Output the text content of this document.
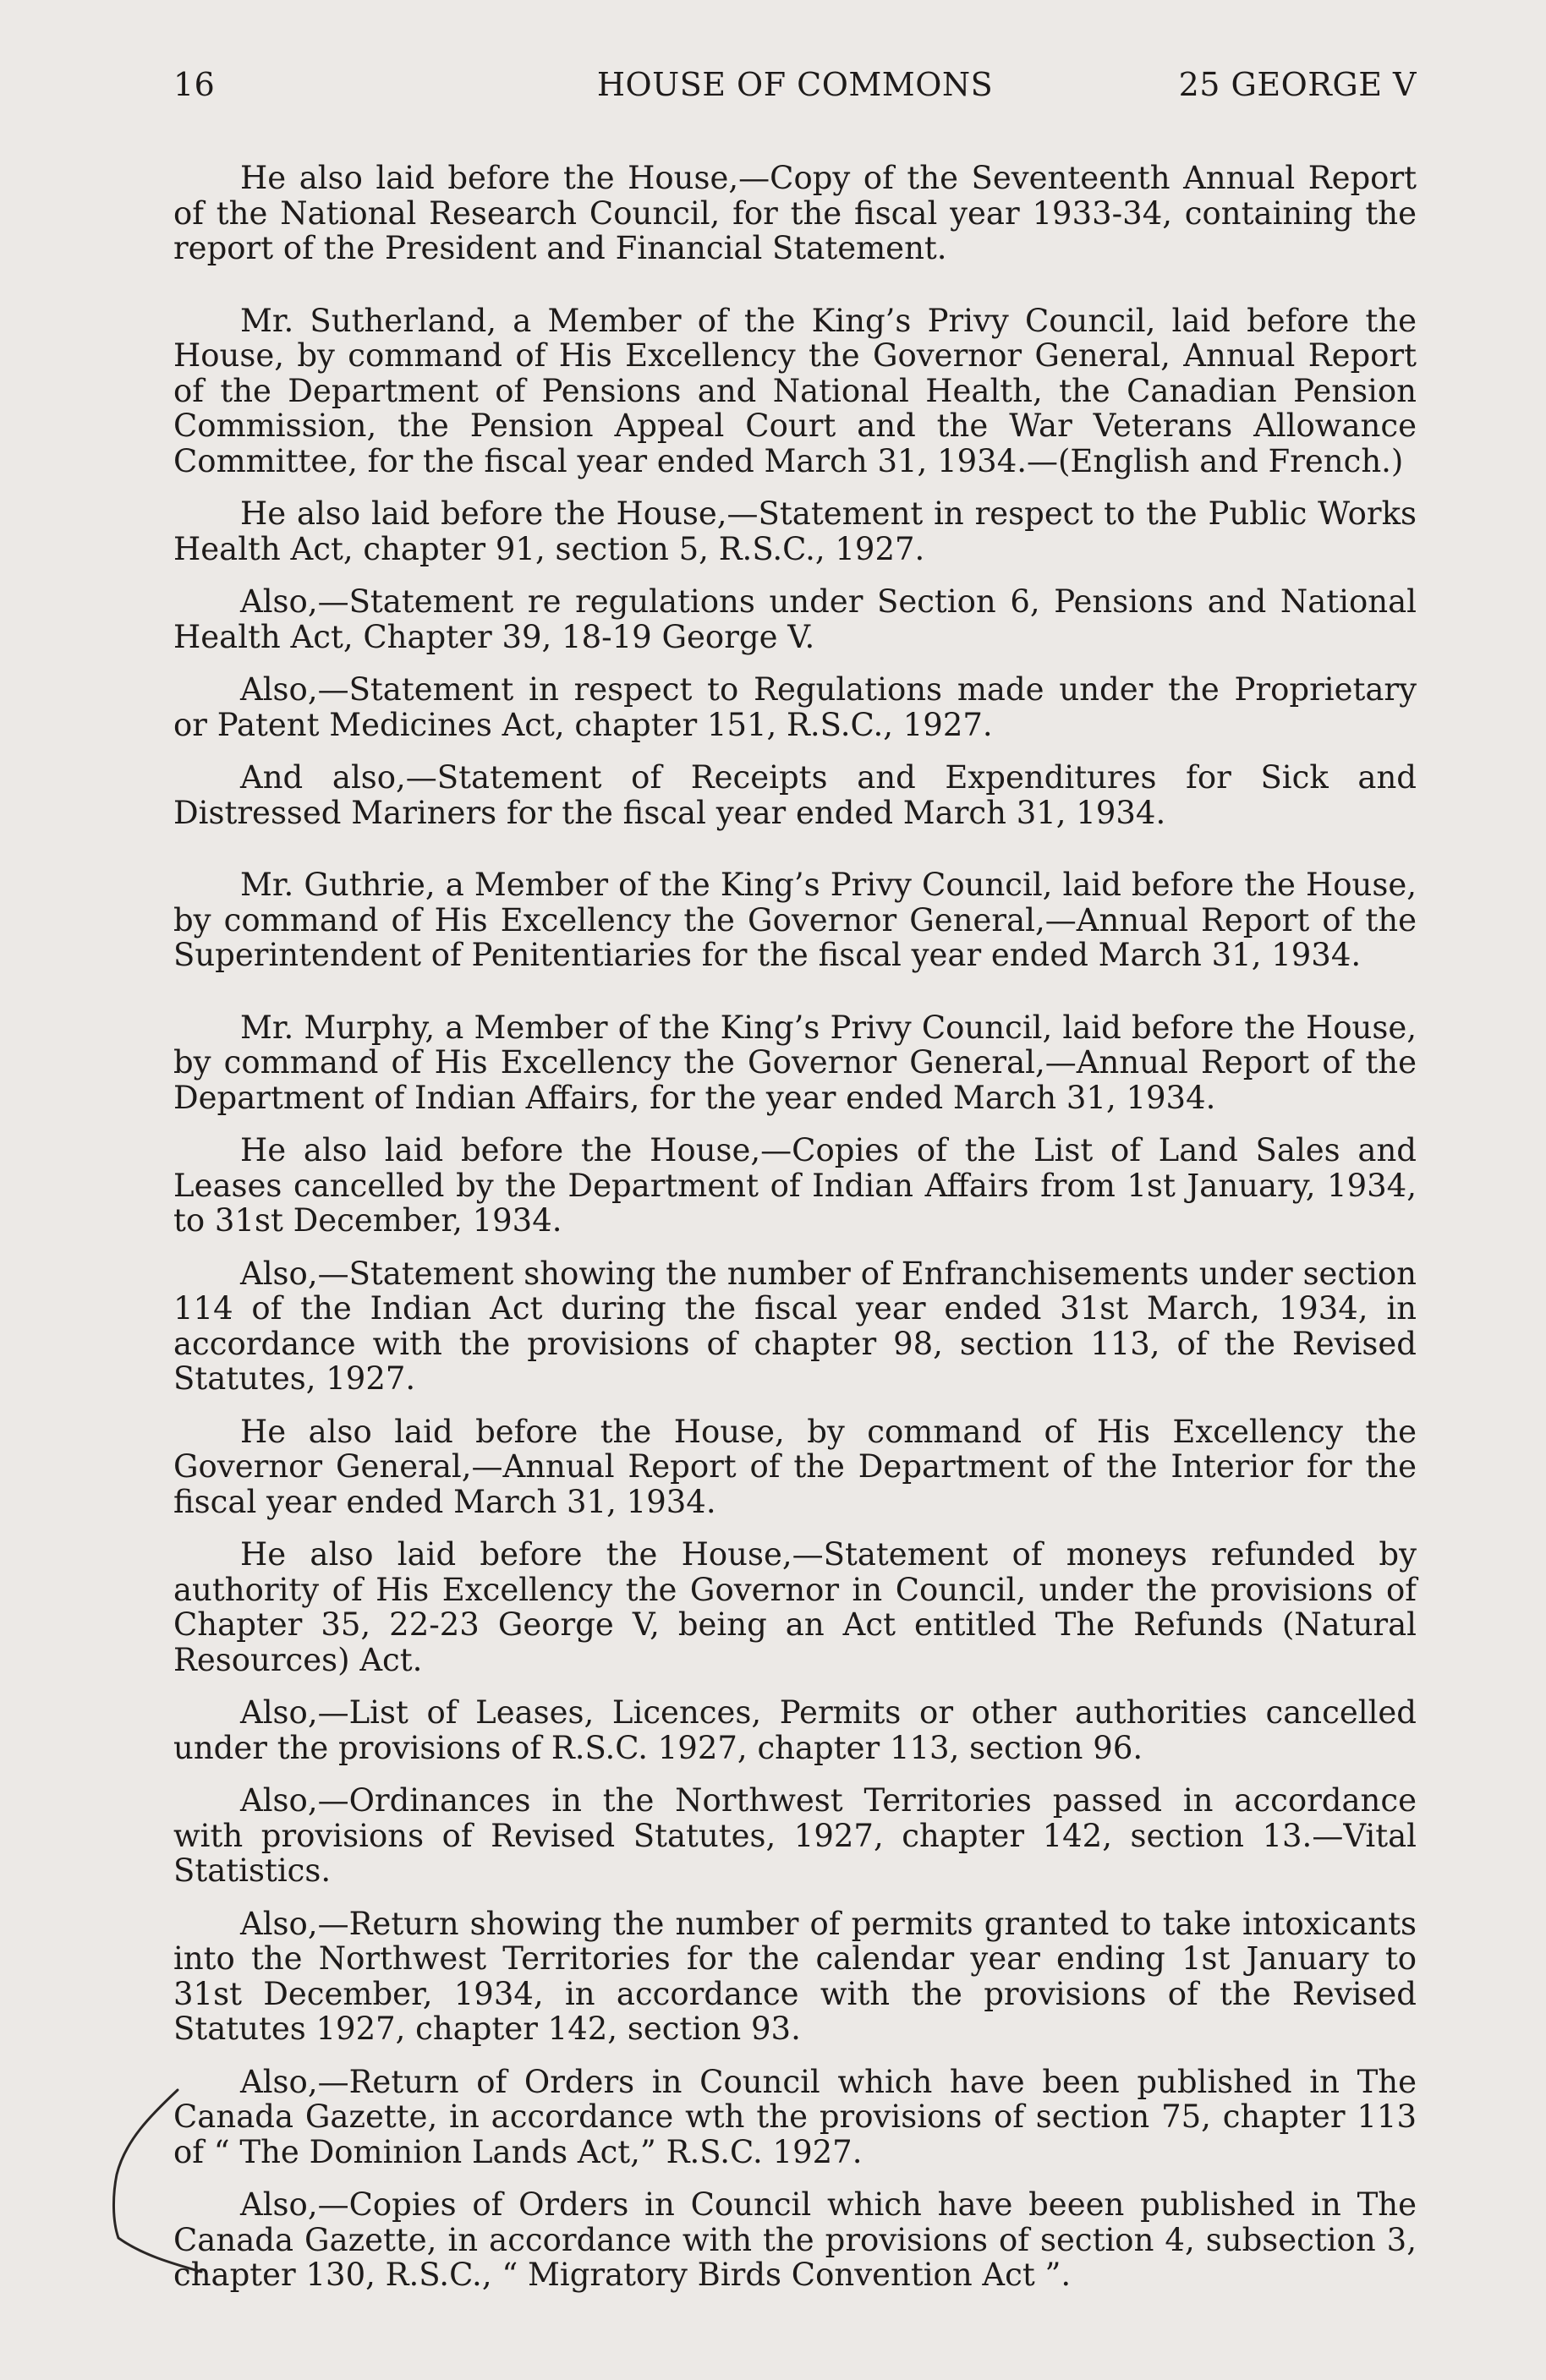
16	HOUSE OF COMMONS	25 GEORGE V

He also laid before the House,—Copy of the Seventeenth Annual Report of the National Research Council, for the fiscal year 1933-34, containing the report of the President and Financial Statement.

Mr. Sutherland, a Member of the King’s Privy Council, laid before the House, by command of His Excellency the Governor General, Annual Report of the Department of Pensions and National Health, the Canadian Pension Commission, the Pension Appeal Court and the War Veterans Allowance Committee, for the fiscal year ended March 31, 1934.—(English and French.)

He also laid before the House,—Statement in respect to the Public Works Health Act, chapter 91, section 5, R.S.C., 1927.

Also,—Statement re regulations under Section 6, Pensions and National Health Act, Chapter 39, 18-19 George V.

Also,—Statement in respect to Regulations made under the Proprietary or Patent Medicines Act, chapter 151, R.S.C., 1927.

And also,—Statement of Receipts and Expenditures for Sick and Distressed Mariners for the fiscal year ended March 31, 1934.

Mr. Guthrie, a Member of the King’s Privy Council, laid before the House, by command of His Excellency the Governor General,—Annual Report of the Superintendent of Penitentiaries for the fiscal year ended March 31, 1934.

Mr. Murphy, a Member of the King’s Privy Council, laid before the House, by command of His Excellency the Governor General,—Annual Report of the Department of Indian Affairs, for the year ended March 31, 1934.

He also laid before the House,—Copies of the List of Land Sales and Leases cancelled by the Department of Indian Affairs from 1st January, 1934, to 31st December, 1934.

Also,—Statement showing the number of Enfranchisements under section 114 of the Indian Act during the fiscal year ended 31st March, 1934, in accordance with the provisions of chapter 98, section 113, of the Revised Statutes, 1927.

He also laid before the House, by command of His Excellency the Governor General,—Annual Report of the Department of the Interior for the fiscal year ended March 31, 1934.

He also laid before the House,—Statement of moneys refunded by authority of His Excellency the Governor in Council, under the provisions of Chapter 35, 22-23 George V, being an Act entitled The Refunds (Natural Resources) Act.

Also,—List of Leases, Licences, Permits or other authorities cancelled under the provisions of R.S.C. 1927, chapter 113, section 96.

Also,—Ordinances in the Northwest Territories passed in accordance with provisions of Revised Statutes, 1927, chapter 142, section 13.—Vital Statistics.

Also,—Return showing the number of permits granted to take intoxicants into the Northwest Territories for the calendar year ending 1st January to 31st December, 1934, in accordance with the provisions of the Revised Statutes 1927, chapter 142, section 93.

Also,—Return of Orders in Council which have been published in The Canada Gazette, in accordance wth the provisions of section 75, chapter 113 of “ The Dominion Lands Act,” R.S.C. 1927.

Also,—Copies of Orders in Council which have beeen published in The Canada Gazette, in accordance with the provisions of section 4, subsection 3, chapter 130, R.S.C., “ Migratory Birds Convention Act ”.
